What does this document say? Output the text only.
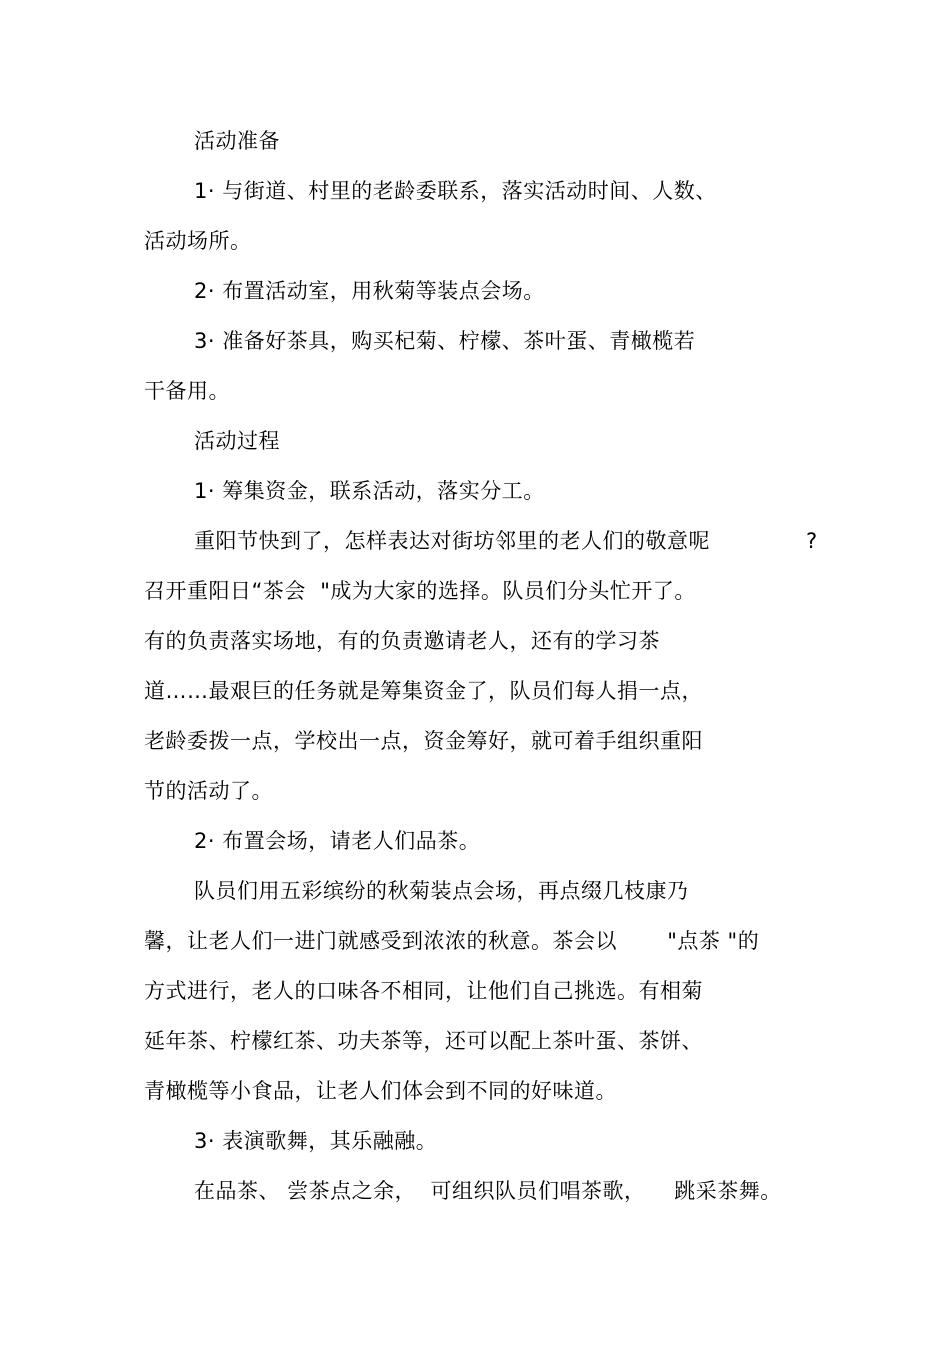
活动准备
1· 与街道、村里的老龄委联系，落实活动时间、人数、
活动场所。
2· 布置活动室，用秋菊等装点会场。
3· 准备好茶具，购买杞菊、柠檬、茶叶蛋、青橄榄若
干备用。
活动过程
1· 筹集资金，联系活动，落实分工。
重阳节快到了，怎样表达对街坊邻里的老人们的敬意呢	?
召开重阳日“茶会  "成为大家的选择。队员们分头忙开了。
有的负责落实场地，有的负责邀请老人，还有的学习茶
道……最艰巨的任务就是筹集资金了，队员们每人捐一点，
老龄委拨一点，学校出一点，资金筹好，就可着手组织重阳
节的活动了。
2· 布置会场，请老人们品茶。
队员们用五彩缤纷的秋菊装点会场，再点缀几枝康乃
馨，让老人们一进门就感受到浓浓的秋意。茶会以       "点茶 "的
方式进行，老人的口味各不相同，让他们自己挑选。有相菊
延年茶、柠檬红茶、功夫茶等，还可以配上茶叶蛋、茶饼、
青橄榄等小食品，让老人们体会到不同的好味道。
3· 表演歌舞，其乐融融。
在品茶、 尝茶点之余，  可组织队员们唱茶歌，    跳采茶舞。
